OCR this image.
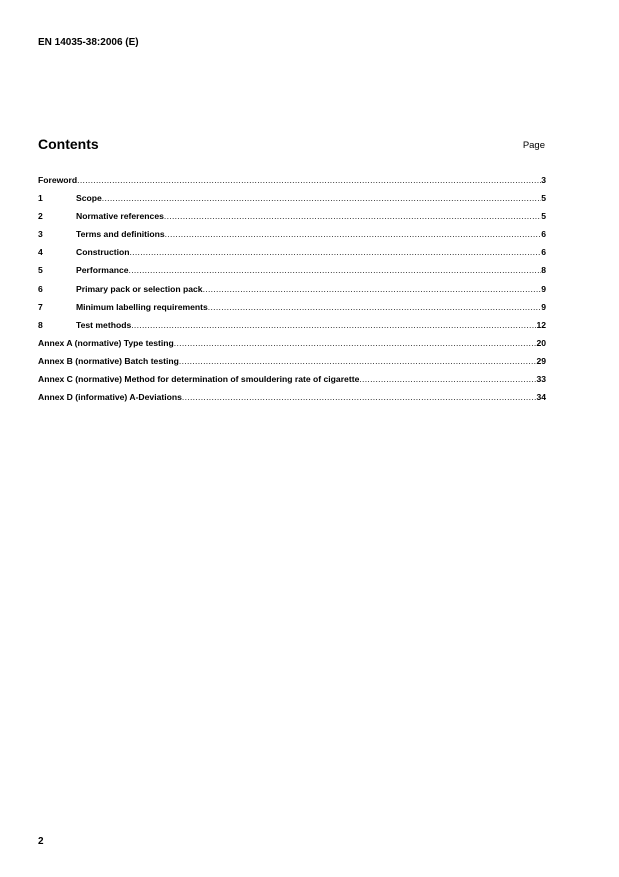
EN 14035-38:2006 (E)
Contents	Page
Foreword .....	3
1	Scope .....	5
2	Normative references .....	5
3	Terms and definitions .....	6
4	Construction .....	6
5	Performance .....	8
6	Primary pack or selection pack .....	9
7	Minimum labelling requirements .....	9
8	Test methods .....	12
Annex A (normative) Type testing .....	20
Annex B (normative) Batch testing .....	29
Annex C (normative) Method for determination of smouldering rate of cigarette .....	33
Annex D (informative) A-Deviations .....	34
2
